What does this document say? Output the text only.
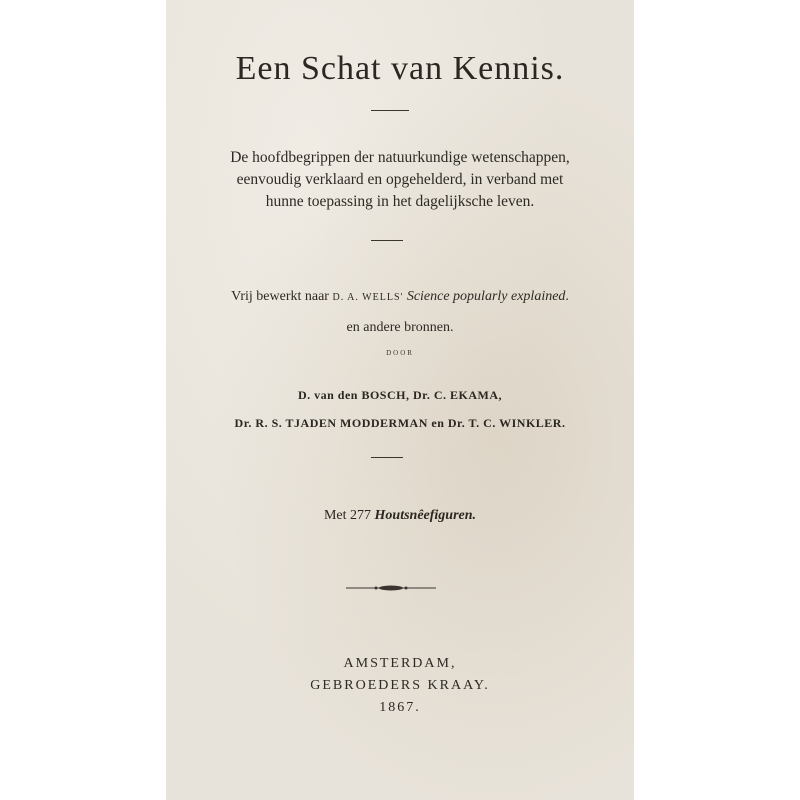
Een Schat van Kennis.
De hoofdbegrippen der natuurkundige wetenschappen,
eenvoudig verklaard en opgehelderd, in verband met
hunne toepassing in het dagelijksche leven.
Vrij bewerkt naar D. A. WELLS' Science popularly explained.
en andere bronnen.
DOOR
D. van den BOSCH, Dr. C. EKAMA,
Dr. R. S. TJADEN MODDERMAN en Dr. T. C. WINKLER.
Met 277 Houtsnêefiguren.
AMSTERDAM,
GEBROEDERS KRAAY.
1867.
